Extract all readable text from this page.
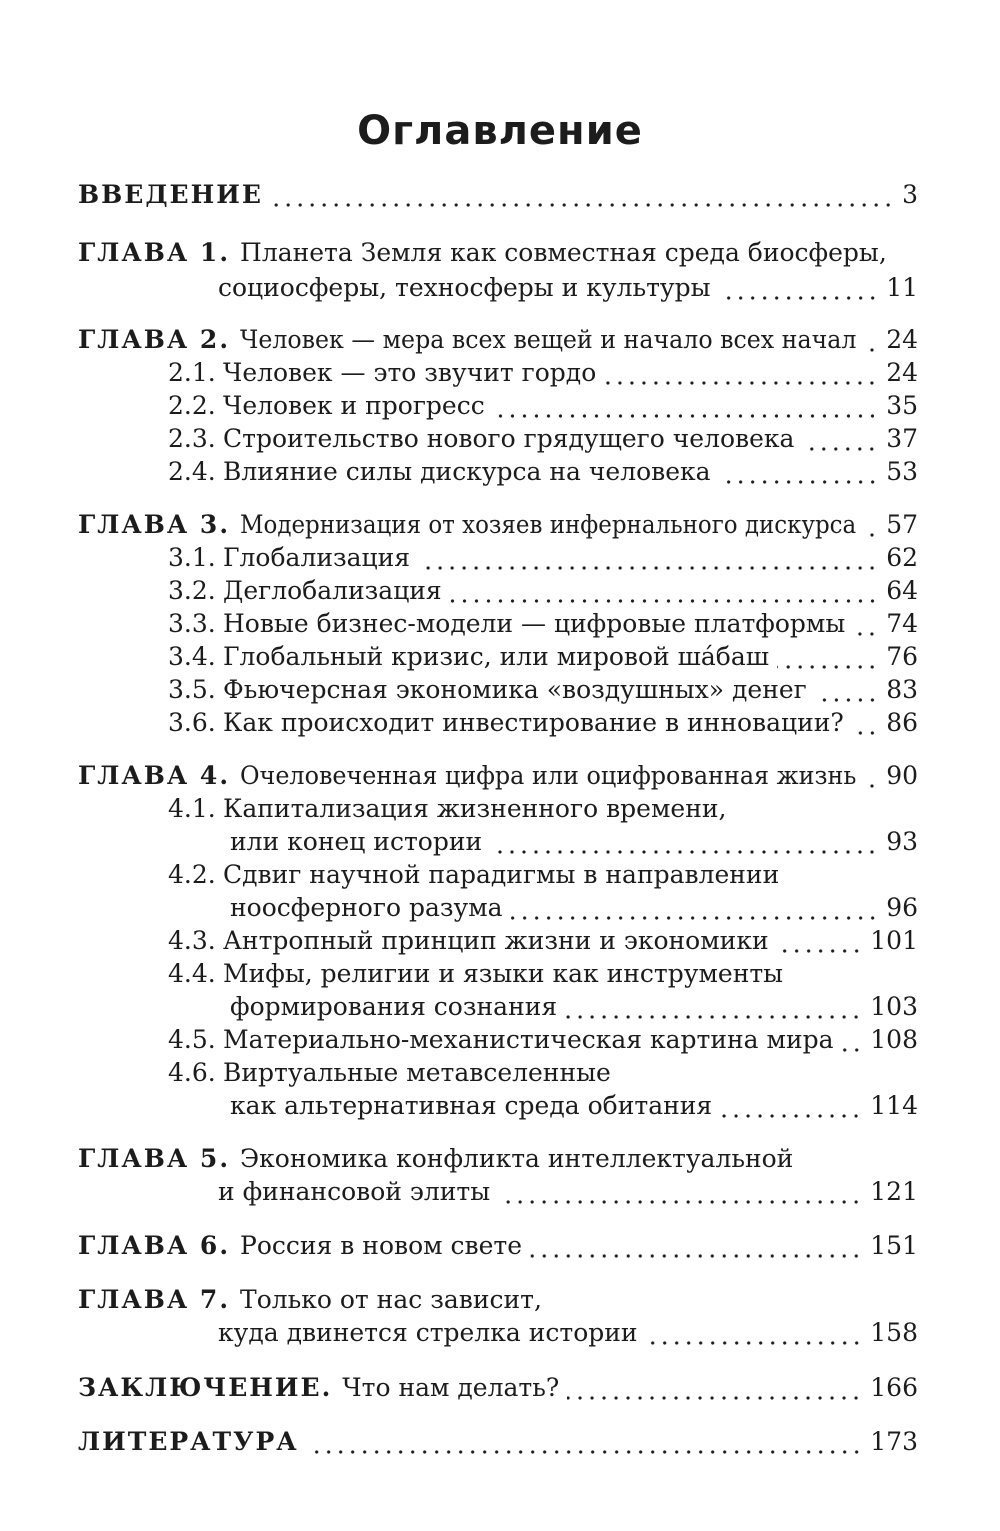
Оглавление
ВВЕДЕНИЕ	3
ГЛАВА 1. Планета Земля как совместная среда биосферы,
социосферы, техносферы и культуры	11
ГЛАВА 2. Человек — мера всех вещей и начало всех начал	24
2.1. Человек — это звучит гордо	24
2.2. Человек и прогресс	35
2.3. Строительство нового грядущего человека	37
2.4. Влияние силы дискурса на человека	53
ГЛАВА 3. Модернизация от хозяев инфернального дискурса	57
3.1. Глобализация	62
3.2. Деглобализация	64
3.3. Новые бизнес-модели — цифровые платформы	74
3.4. Глобальный кризис, или мировой шáбаш	76
3.5. Фьючерсная экономика «воздушных» денег	83
3.6. Как происходит инвестирование в инновации?	86
ГЛАВА 4. Очеловеченная цифра или оцифрованная жизнь	90
4.1. Капитализация жизненного времени,
или конец истории	93
4.2. Сдвиг научной парадигмы в направлении
ноосферного разума	96
4.3. Антропный принцип жизни и экономики	101
4.4. Мифы, религии и языки как инструменты
формирования сознания	103
4.5. Материально-механистическая картина мира	108
4.6. Виртуальные метавселенные
как альтернативная среда обитания	114
ГЛАВА 5. Экономика конфликта интеллектуальной
и финансовой элиты	121
ГЛАВА 6. Россия в новом свете	151
ГЛАВА 7. Только от нас зависит,
куда двинется стрелка истории	158
ЗАКЛЮЧЕНИЕ. Что нам делать?	166
ЛИТЕРАТУРА	173
